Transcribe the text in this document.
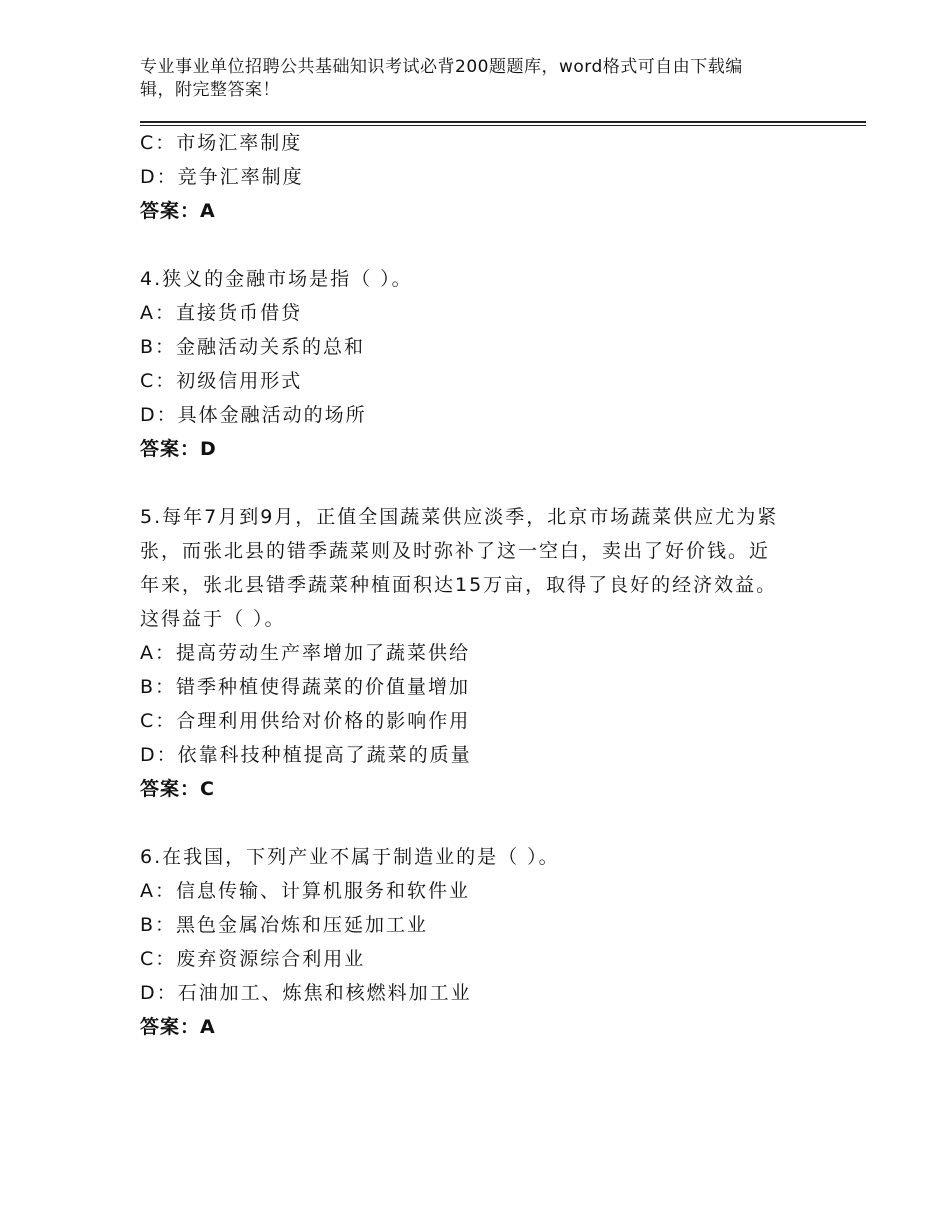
专业事业单位招聘公共基础知识考试必背200题题库，word格式可自由下载编
辑，附完整答案！
C：市场汇率制度
D：竞争汇率制度
答案：A
4.狭义的金融市场是指（ ）。
A：直接货币借贷
B：金融活动关系的总和
C：初级信用形式
D：具体金融活动的场所
答案：D
5.每年7月到9月，正值全国蔬菜供应淡季，北京市场蔬菜供应尤为紧
张，而张北县的错季蔬菜则及时弥补了这一空白，卖出了好价钱。近
年来，张北县错季蔬菜种植面积达15万亩，取得了良好的经济效益。
这得益于（ ）。
A：提高劳动生产率增加了蔬菜供给
B：错季种植使得蔬菜的价值量增加
C：合理利用供给对价格的影响作用
D：依靠科技种植提高了蔬菜的质量
答案：C
6.在我国，下列产业不属于制造业的是（ ）。
A：信息传输、计算机服务和软件业
B：黑色金属冶炼和压延加工业
C：废弃资源综合利用业
D：石油加工、炼焦和核燃料加工业
答案：A
